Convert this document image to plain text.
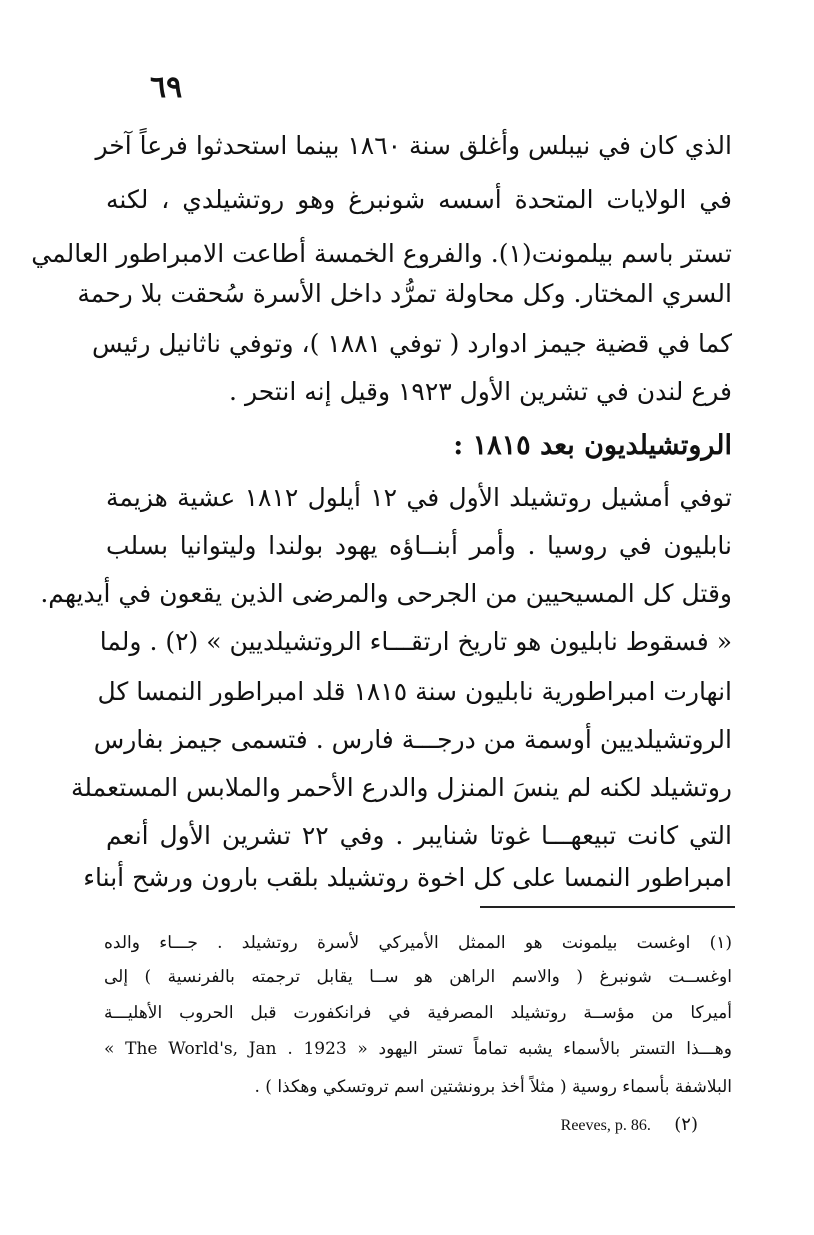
٦٩
الذي كان في نيبلس وأغلق سنة ١٨٦٠ بينما استحدثوا فرعاً آخر
في الولايات المتحدة أسسه شونبرغ وهو روتشيلدي ، لكنه
تستر باسم بيلمونت(١). والفروع الخمسة أطاعت الامبراطور العالمي
السري المختار. وكل محاولة تمرُّد داخل الأسرة سُحقت بلا رحمة
كما في قضية جيمز ادوارد ( توفي ١٨٨١ )، وتوفي ناثانيل رئيس
فرع لندن في تشرين الأول ١٩٢٣ وقيل إنه انتحر .
الروتشيلديون بعد ١٨١٥ :
توفي أمشيل روتشيلد الأول في ١٢ أيلول ١٨١٢ عشية هزيمة
نابليون في روسيا . وأمر أبنــاؤه يهود بولندا وليتوانيا بسلب
وقتل كل المسيحيين من الجرحى والمرضى الذين يقعون في أيديهم.
« فسقوط نابليون هو تاريخ ارتقـــاء الروتشيلديين » (٢) . ولما
انهارت امبراطورية نابليون سنة ١٨١٥ قلد امبراطور النمسا كل
الروتشيلديين أوسمة من درجـــة فارس . فتسمى جيمز بفارس
روتشيلد لكنه لم ينسَ المنزل والدرع الأحمر والملابس المستعملة
التي كانت تبيعهـــا غوتا شنايبر . وفي ٢٢ تشرين الأول أنعم
امبراطور النمسا على كل اخوة روتشيلد بلقب بارون ورشح أبناء
(١) اوغست بيلمونت هو الممثل الأميركي لأسرة روتشيلد . جـــاء والده
اوغســت شونبرغ ( والاسم الراهن هو ســا يقابل ترجمته بالفرنسية ) إلى
أميركا من مؤســة روتشيلد المصرفية في فرانكفورت قبل الحروب الأهليـــة
وهـــذا التستر بالأسماء يشبه تماماً تستر اليهود « The World's, Jan . 1923 »
البلاشفة بأسماء روسية ( مثلاً أخذ برونشتين اسم تروتسكي وهكذا ) .
(٢) Reeves, p. 86.
